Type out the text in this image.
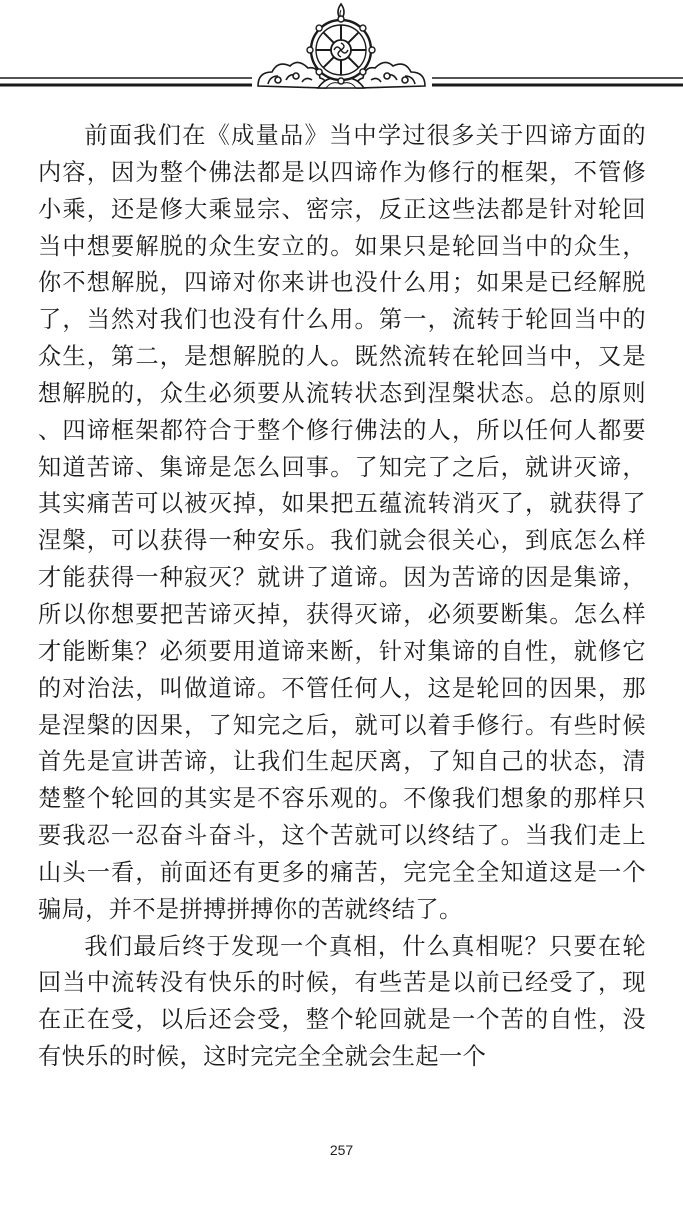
前面我们在《成量品》当中学过很多关于四谛方面的内容，因为整个佛法都是以四谛作为修行的框架，不管修小乘，还是修大乘显宗、密宗，反正这些法都是针对轮回当中想要解脱的众生安立的。如果只是轮回当中的众生，你不想解脱，四谛对你来讲也没什么用；如果是已经解脱了，当然对我们也没有什么用。第一，流转于轮回当中的众生，第二，是想解脱的人。既然流转在轮回当中，又是想解脱的，众生必须要从流转状态到涅槃状态。总的原则、四谛框架都符合于整个修行佛法的人，所以任何人都要知道苦谛、集谛是怎么回事。了知完了之后，就讲灭谛，其实痛苦可以被灭掉，如果把五蕴流转消灭了，就获得了涅槃，可以获得一种安乐。我们就会很关心，到底怎么样才能获得一种寂灭？就讲了道谛。因为苦谛的因是集谛，所以你想要把苦谛灭掉，获得灭谛，必须要断集。怎么样才能断集？必须要用道谛来断，针对集谛的自性，就修它的对治法，叫做道谛。不管任何人，这是轮回的因果，那是涅槃的因果，了知完之后，就可以着手修行。有些时候首先是宣讲苦谛，让我们生起厌离，了知自己的状态，清楚整个轮回的其实是不容乐观的。不像我们想象的那样只要我忍一忍奋斗奋斗，这个苦就可以终结了。当我们走上山头一看，前面还有更多的痛苦，完完全全知道这是一个骗局，并不是拼搏拼搏你的苦就终结了。

我们最后终于发现一个真相，什么真相呢？只要在轮回当中流转没有快乐的时候，有些苦是以前已经受了，现在正在受，以后还会受，整个轮回就是一个苦的自性，没有快乐的时候，这时完完全全就会生起一个

257
